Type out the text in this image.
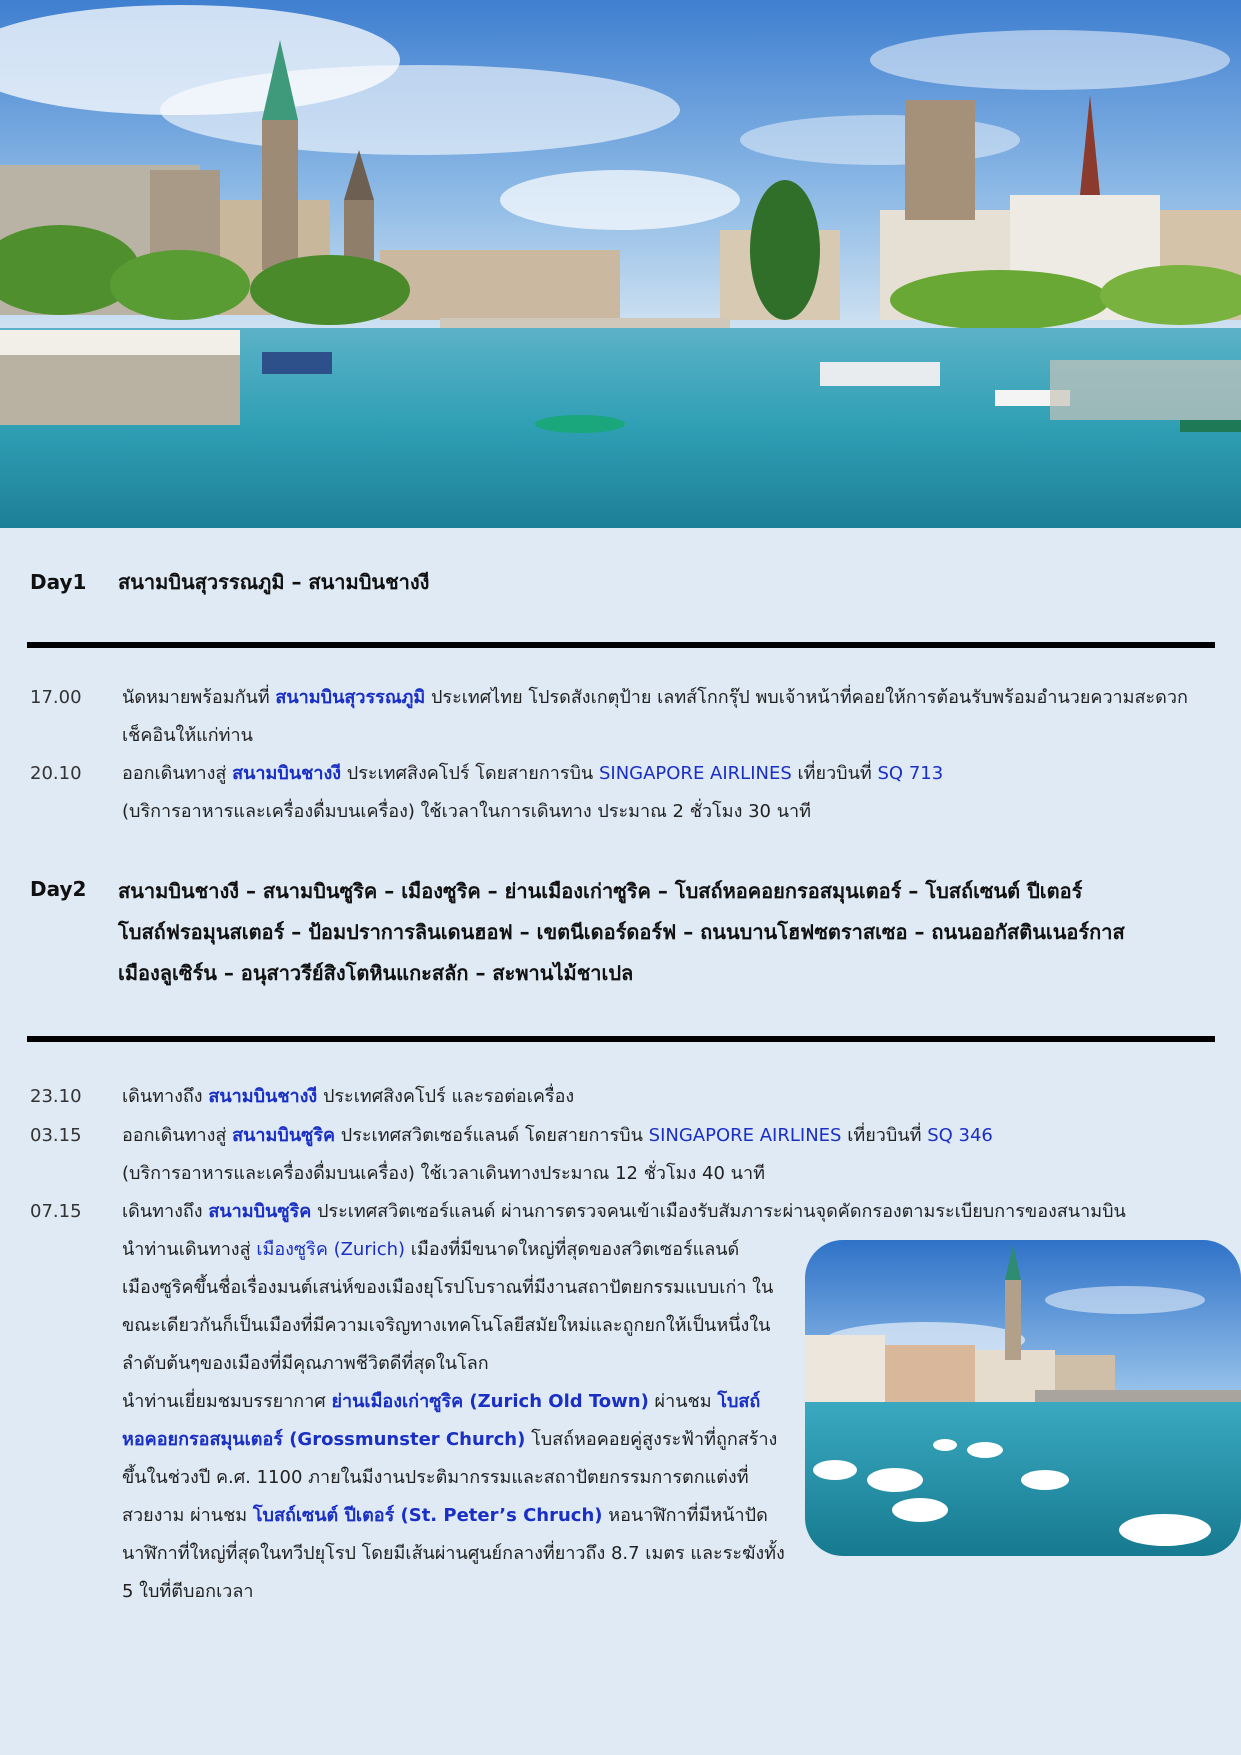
Day1 สนามบินสุวรรณภูมิ – สนามบินชางงี
17.00 นัดหมายพร้อมกันที่ สนามบินสุวรรณภูมิ ประเทศไทย โปรดสังเกตุป้าย เลทส์โกกรุ๊ป พบเจ้าหน้าที่คอยให้การต้อนรับพร้อมอำนวยความสะดวก
เช็คอินให้แก่ท่าน
20.10 ออกเดินทางสู่ สนามบินชางงี ประเทศสิงคโปร์ โดยสายการบิน SINGAPORE AIRLINES เที่ยวบินที่ SQ 713
(บริการอาหารและเครื่องดื่มบนเครื่อง) ใช้เวลาในการเดินทาง ประมาณ 2 ชั่วโมง 30 นาที
Day2	สนามบินชางงี – สนามบินซูริค – เมืองซูริค – ย่านเมืองเก่าซูริค – โบสถ์หอคอยกรอสมุนเตอร์ – โบสถ์เซนต์ ปีเตอร์
โบสถ์ฟรอมุนสเตอร์ – ป้อมปราการลินเดนฮอฟ – เขตนีเดอร์ดอร์ฟ – ถนนบานโฮฟซตราสเซอ – ถนนออกัสตินเนอร์กาส
เมืองลูเซิร์น – อนุสาวรีย์สิงโตหินแกะสลัก – สะพานไม้ชาเปล
23.10 เดินทางถึง สนามบินชางงี ประเทศสิงคโปร์ และรอต่อเครื่อง
03.15 ออกเดินทางสู่ สนามบินซูริค ประเทศสวิตเซอร์แลนด์ โดยสายการบิน SINGAPORE AIRLINES เที่ยวบินที่ SQ 346
(บริการอาหารและเครื่องดื่มบนเครื่อง) ใช้เวลาเดินทางประมาณ 12 ชั่วโมง 40 นาที
07.15 เดินทางถึง สนามบินซูริค ประเทศสวิตเซอร์แลนด์ ผ่านการตรวจคนเข้าเมืองรับสัมภาระผ่านจุดคัดกรองตามระเบียบการของสนามบิน
นำท่านเดินทางสู่ เมืองซูริค (Zurich) เมืองที่มีขนาดใหญ่ที่สุดของสวิตเซอร์แลนด์
เมืองซูริคขึ้นชื่อเรื่องมนต์เสน่ห์ของเมืองยุโรปโบราณที่มีงานสถาปัตยกรรมแบบเก่า ใน
ขณะเดียวกันก็เป็นเมืองที่มีความเจริญทางเทคโนโลยีสมัยใหม่และถูกยกให้เป็นหนึ่งใน
ลำดับต้นๆของเมืองที่มีคุณภาพชีวิตดีที่สุดในโลก
นำท่านเยี่ยมชมบรรยากาศ ย่านเมืองเก่าซูริค (Zurich Old Town) ผ่านชม โบสถ์
หอคอยกรอสมุนเตอร์ (Grossmunster Church) โบสถ์หอคอยคู่สูงระฟ้าที่ถูกสร้าง
ขึ้นในช่วงปี ค.ศ. 1100 ภายในมีงานประติมากรรมและสถาปัตยกรรมการตกแต่งที่
สวยงาม ผ่านชม โบสถ์เซนต์ ปีเตอร์ (St. Peter’s Chruch) หอนาฬิกาที่มีหน้าปัด
นาฬิกาที่ใหญ่ที่สุดในทวีปยุโรป โดยมีเส้นผ่านศูนย์กลางที่ยาวถึง 8.7 เมตร และระฆังทั้ง
5 ใบที่ตีบอกเวลา
